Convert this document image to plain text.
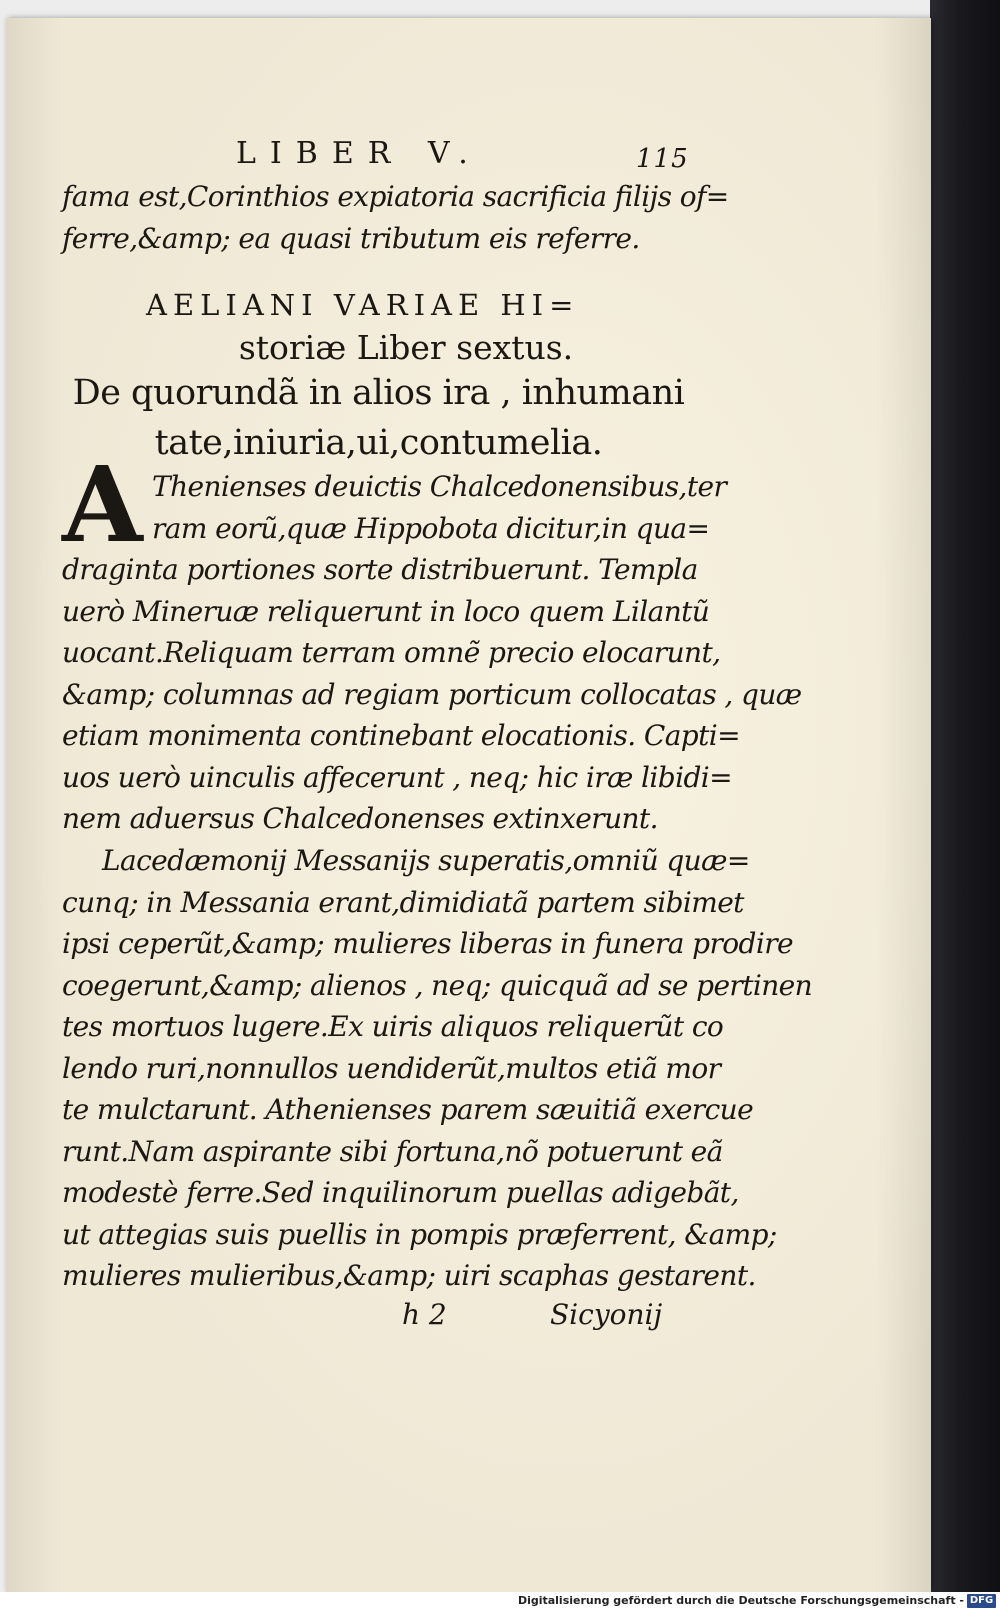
LIBER V.	115
fama est,Corinthios expiatoria sacrificia filijs of=
ferre,&amp; ea quasi tributum eis referre.
AELIANI VARIAE HI=
storiæ Liber sextus.
De quorundã in alios ira , inhumani
tate,iniuria,ui,contumelia.
A Thenienses deuictis Chalcedonensibus,ter
ram eorũ,quæ Hippobota dicitur,in qua=
draginta portiones sorte distribuerunt. Templa
uerò Mineruæ reliquerunt in loco quem Lilantũ
uocant.Reliquam terram omnẽ precio elocarunt,
&amp; columnas ad regiam porticum collocatas , quæ
etiam monimenta continebant elocationis. Capti=
uos uerò uinculis affecerunt , neq; hic iræ libidi=
nem aduersus Chalcedonenses extinxerunt.
Lacedæmonij Messanijs superatis,omniũ quæ=
cunq; in Messania erant,dimidiatã partem sibimet
ipsi ceperũt,&amp; mulieres liberas in funera prodire
coegerunt,&amp; alienos , neq; quicquã ad se pertinen
tes mortuos lugere.Ex uiris aliquos reliquerũt co
lendo ruri,nonnullos uendiderũt,multos etiã mor
te mulctarunt. Athenienses parem sæuitiã exercue
runt.Nam aspirante sibi fortuna,nõ potuerunt eã
modestè ferre.Sed inquilinorum puellas adigebãt,
ut attegias suis puellis in pompis præferrent, &amp;
mulieres mulieribus,&amp; uiri scaphas gestarent.
h 2	Sicyonij
Digitalisierung gefördert durch die Deutsche Forschungsgemeinschaft - DFG
